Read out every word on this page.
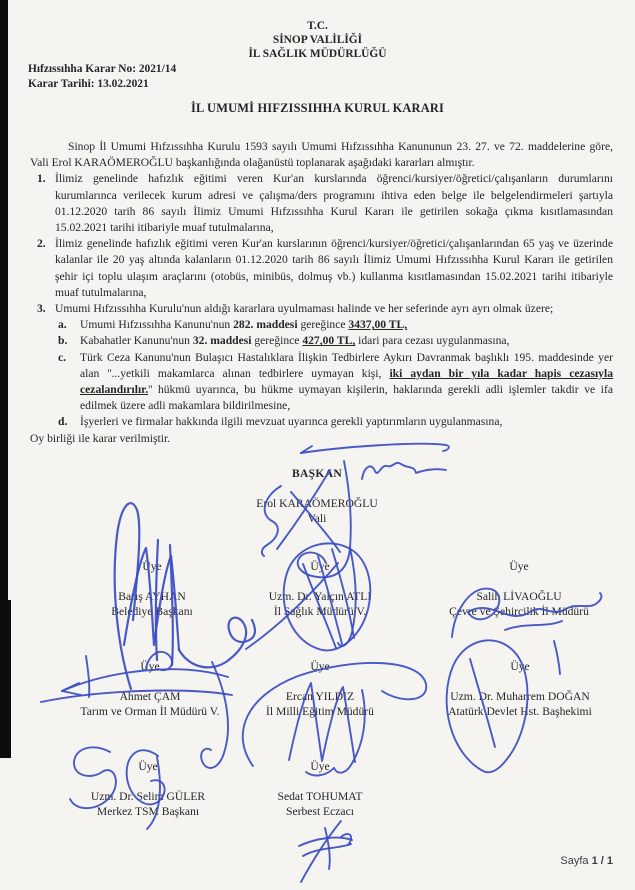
T.C.
SİNOP VALİLİĞİ
İL SAĞLIK MÜDÜRLÜĞÜ
Hıfzıssıhha Karar No: 2021/14
Karar Tarihi: 13.02.2021
İL UMUMİ HIFZISSIHHA KURUL KARARI
Sinop İl Umumi Hıfzıssıhha Kurulu 1593 sayılı Umumi Hıfzıssıhha Kanununun 23. 27. ve 72. maddelerine göre, Vali Erol KARAÖMEROĞLU başkanlığında olağanüstü toplanarak aşağıdaki kararları almıştır.
1. İlimiz genelinde hafızlık eğitimi veren Kur'an kurslarında öğrenci/kursiyer/öğretici/çalışanların durumlarını kurumlarınca verilecek kurum adresi ve çalışma/ders programını ihtiva eden belge ile belgelendirmeleri şartıyla 01.12.2020 tarih 86 sayılı İlimiz Umumi Hıfzıssıhha Kurul Kararı ile getirilen sokağa çıkma kısıtlamasından 15.02.2021 tarihi itibariyle muaf tutulmalarına,
2. İlimiz genelinde hafızlık eğitimi veren Kur'an kurslarının öğrenci/kursiyer/öğretici/çalışanlarından 65 yaş ve üzerinde kalanlar ile 20 yaş altında kalanların 01.12.2020 tarih 86 sayılı İlimiz Umumi Hıfzıssıhha Kurul Kararı ile getirilen şehir içi toplu ulaşım araçlarını (otobüs, minibüs, dolmuş vb.) kullanma kısıtlamasından 15.02.2021 tarihi itibariyle muaf tutulmalarına,
3. Umumi Hıfzıssıhha Kurulu'nun aldığı kararlara uyulmaması halinde ve her seferinde ayrı ayrı olmak üzere;
a. Umumi Hıfzıssıhha Kanunu'nun 282. maddesi gereğince 3437,00 TL,
b. Kabahatler Kanunu'nun 32. maddesi gereğince 427,00 TL, idari para cezası uygulanmasına,
c. Türk Ceza Kanunu'nun Bulaşıcı Hastalıklara İlişkin Tedbirlere Aykırı Davranmak başlıklı 195. maddesinde yer alan ''...yetkili makamlarca alınan tedbirlere uymayan kişi, iki aydan bir yıla kadar hapis cezasıyla cezalandırılır.'' hükmü uyarınca, bu hükme uymayan kişilerin, haklarında gerekli adli işlemler takdir ve ifa edilmek üzere adli makamlara bildirilmesine,
d. İşyerleri ve firmalar hakkında ilgili mevzuat uyarınca gerekli yaptırımların uygulanmasına,
Oy birliği ile karar verilmiştir.
BAŞKAN
Erol KARAÖMEROĞLU
Vali
Üye
Barış AYHAN
Belediye Başkanı
Üye
Uzm. Dr. Yalçın ATLI
İl Sağlık Müdürü V.
Üye
Salih LİVAOĞLU
Çevre ve Şehircilik İl Müdürü
Üye
Ahmet ÇAM
Tarım ve Orman İl Müdürü V.
Üye
Ercan YILDIZ
İl Milli Eğitim Müdürü
Üye
Uzm. Dr. Muharrem DOĞAN
Atatürk Devlet Hst. Başhekimi
Üye
Uzm. Dr. Selim GÜLER
Merkez TSM Başkanı
Üye
Sedat TOHUMAT
Serbest Eczacı
Sayfa 1 / 1
